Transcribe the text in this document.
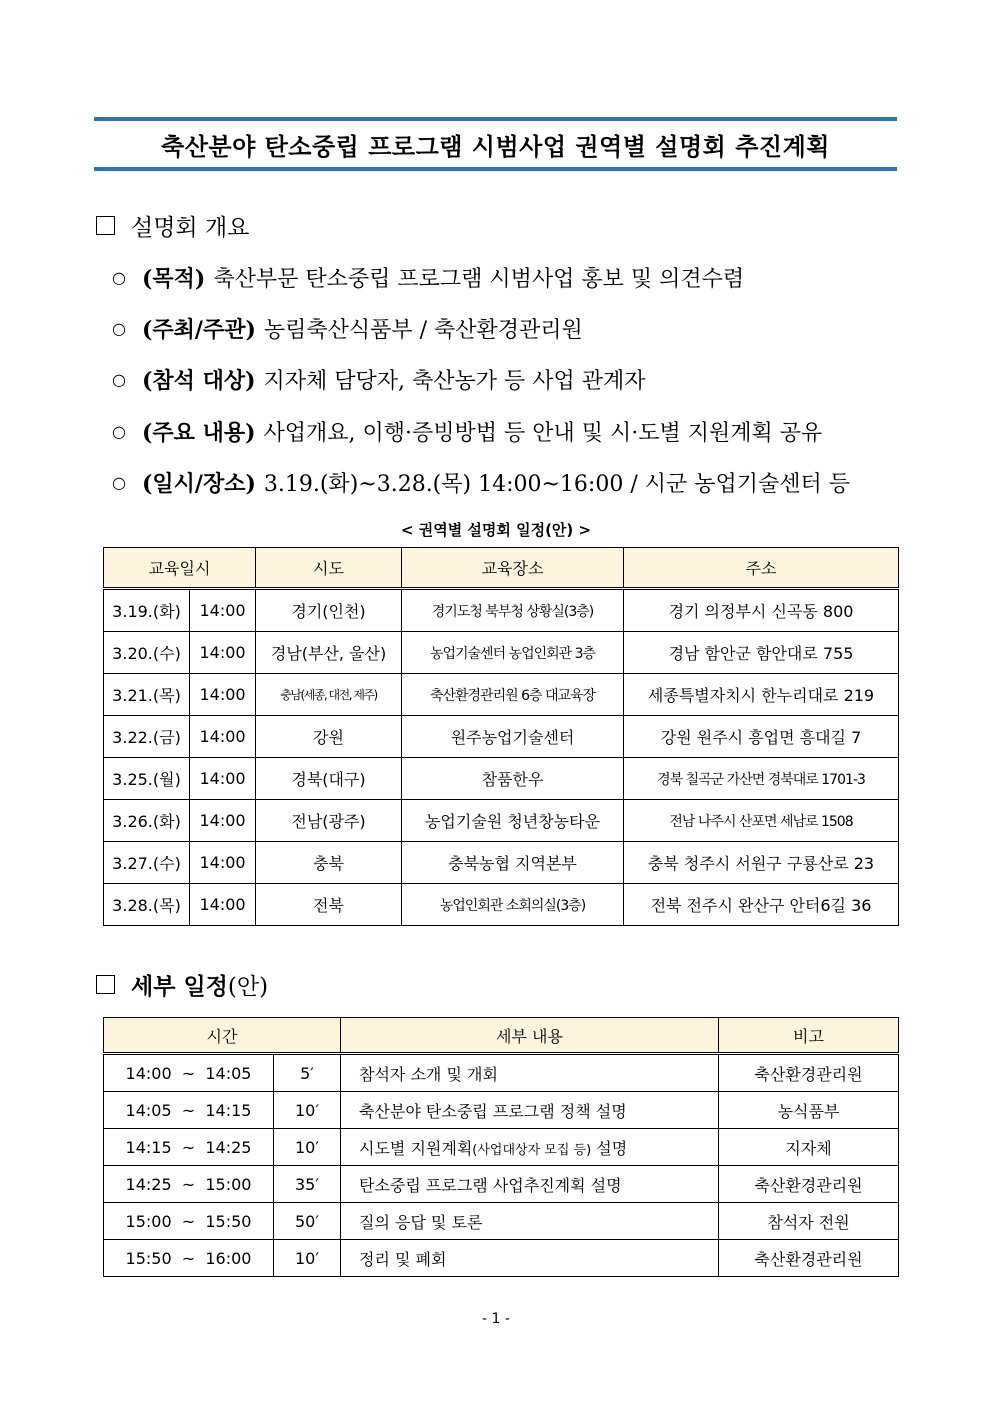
축산분야 탄소중립 프로그램 시범사업 권역별 설명회 추진계획
설명회 개요
○ (목적) 축산부문 탄소중립 프로그램 시범사업 홍보 및 의견수렴
○ (주최/주관) 농림축산식품부 / 축산환경관리원
○ (참석 대상) 지자체 담당자, 축산농가 등 사업 관계자
○ (주요 내용) 사업개요, 이행·증빙방법 등 안내 및 시·도별 지원계획 공유
○ (일시/장소) 3.19.(화)~3.28.(목) 14:00~16:00 / 시군 농업기술센터 등
< 권역별 설명회 일정(안) >
교육일시		시도	교육장소	주소
3.19.(화)	14:00	경기(인천)	경기도청 북부청 상황실(3층)	경기 의정부시 신곡동 800
3.20.(수)	14:00	경남(부산, 울산)	농업기술센터 농업인회관 3층	경남 함안군 함안대로 755
3.21.(목)	14:00	충남(세종, 대전, 제주)	축산환경관리원 6층 대교육장	세종특별자치시 한누리대로 219
3.22.(금)	14:00	강원	원주농업기술센터	강원 원주시 흥업면 흥대길 7
3.25.(월)	14:00	경북(대구)	참품한우	경북 칠곡군 가산면 경북대로 1701-3
3.26.(화)	14:00	전남(광주)	농업기술원 청년창농타운	전남 나주시 산포면 세남로 1508
3.27.(수)	14:00	충북	충북농협 지역본부	충북 청주시 서원구 구룡산로 23
3.28.(목)	14:00	전북	농업인회관 소회의실(3층)	전북 전주시 완산구 안터6길 36
세부 일정 (안)
시간		세부 내용	비고
14:00  ~  14:05	5′	참석자 소개 및 개회	축산환경관리원
14:05  ~  14:15	10′	축산분야 탄소중립 프로그램 정책 설명	농식품부
14:15  ~  14:25	10′	시도별 지원계획(사업대상자 모집 등) 설명	지자체
14:25  ~  15:00	35′	탄소중립 프로그램 사업추진계획 설명	축산환경관리원
15:00  ~  15:50	50′	질의 응답 및 토론	참석자 전원
15:50  ~  16:00	10′	정리 및 폐회	축산환경관리원
- 1 -
